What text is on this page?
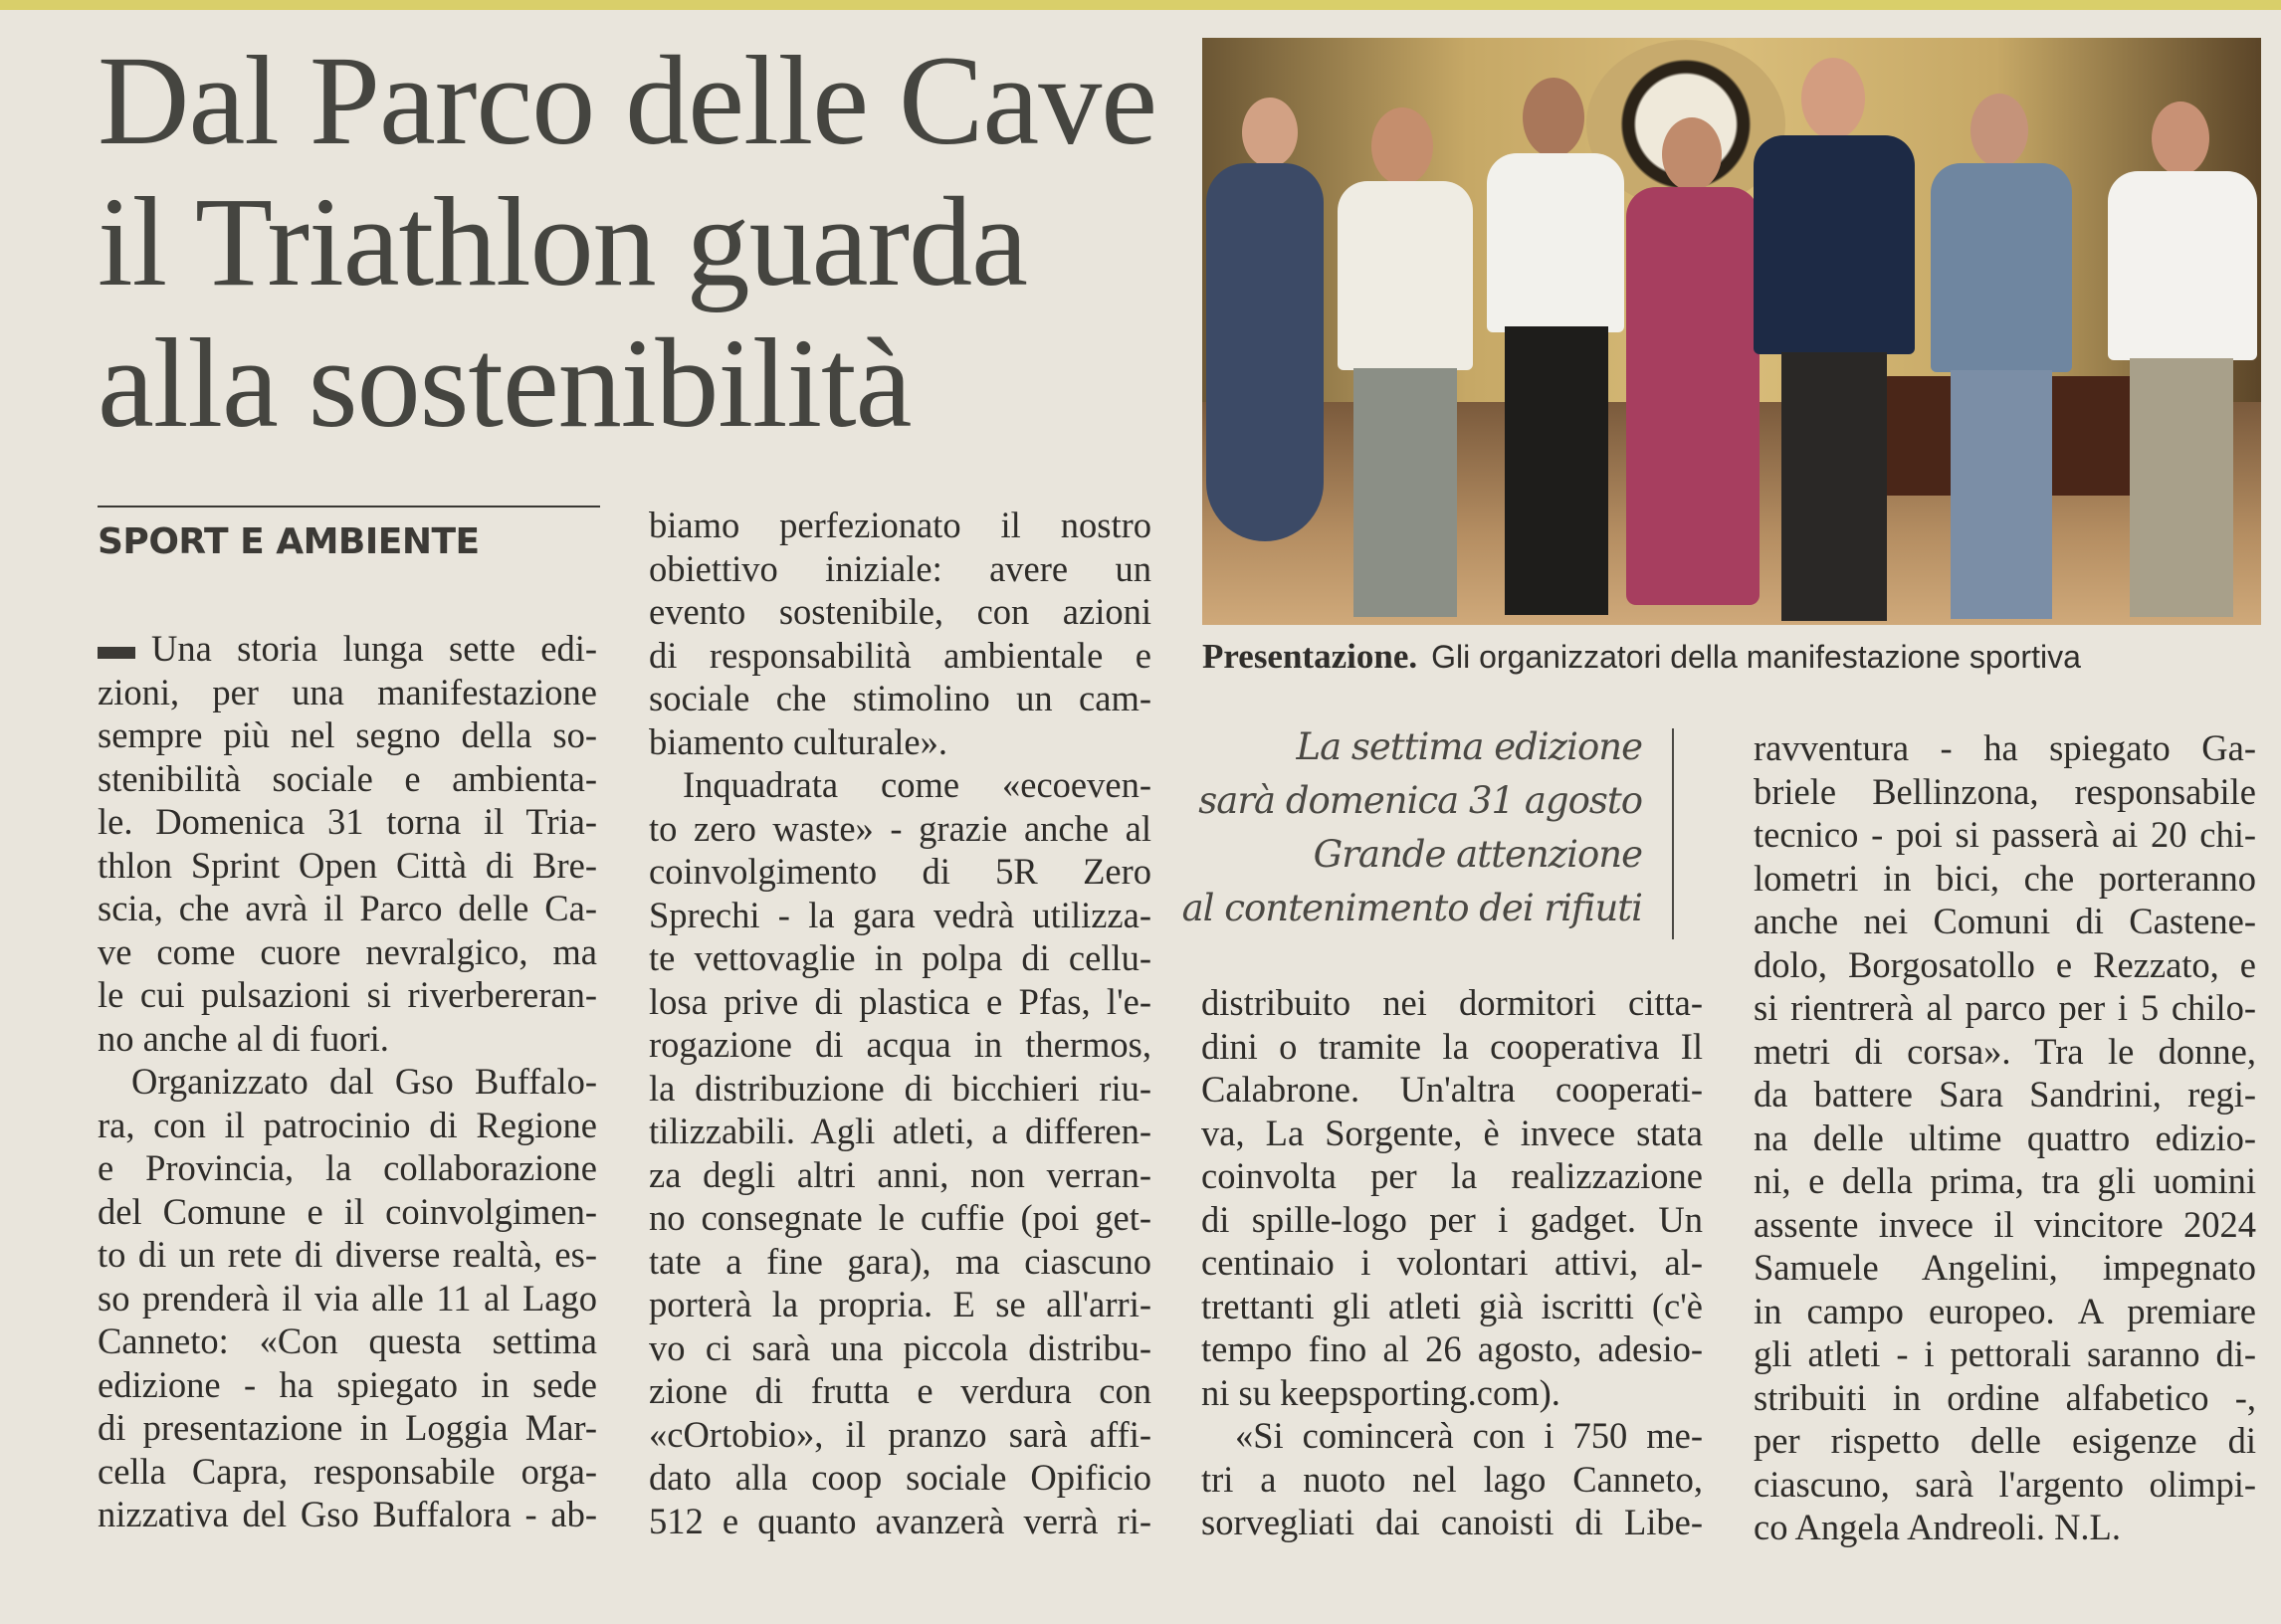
Dal Parco delle Cave
il Triathlon guarda
alla sostenibilità
Presentazione. Gli organizzatori della manifestazione sportiva
SPORT E AMBIENTE
Una storia lunga sette edi-
zioni, per una manifestazione
sempre più nel segno della so-
stenibilità sociale e ambienta-
le. Domenica 31 torna il Tria-
thlon Sprint Open Città di Bre-
scia, che avrà il Parco delle Ca-
ve come cuore nevralgico, ma
le cui pulsazioni si riverbereran-
no anche al di fuori.
Organizzato dal Gso Buffalo-
ra, con il patrocinio di Regione
e Provincia, la collaborazione
del Comune e il coinvolgimen-
to di un rete di diverse realtà, es-
so prenderà il via alle 11 al Lago
Canneto: «Con questa settima
edizione - ha spiegato in sede
di presentazione in Loggia Mar-
cella Capra, responsabile orga-
nizzativa del Gso Buffalora - ab-
biamo perfezionato il nostro
obiettivo iniziale: avere un
evento sostenibile, con azioni
di responsabilità ambientale e
sociale che stimolino un cam-
biamento culturale».
Inquadrata come «ecoeven-
to zero waste» - grazie anche al
coinvolgimento di 5R Zero
Sprechi - la gara vedrà utilizza-
te vettovaglie in polpa di cellu-
losa prive di plastica e Pfas, l'e-
rogazione di acqua in thermos,
la distribuzione di bicchieri riu-
tilizzabili. Agli atleti, a differen-
za degli altri anni, non verran-
no consegnate le cuffie (poi get-
tate a fine gara), ma ciascuno
porterà la propria. E se all'arri-
vo ci sarà una piccola distribu-
zione di frutta e verdura con
«cOrtobio», il pranzo sarà affi-
dato alla coop sociale Opificio
512 e quanto avanzerà verrà ri-
La settima edizione
sarà domenica 31 agosto
Grande attenzione
al contenimento dei rifiuti
distribuito nei dormitori citta-
dini o tramite la cooperativa Il
Calabrone. Un'altra cooperati-
va, La Sorgente, è invece stata
coinvolta per la realizzazione
di spille-logo per i gadget. Un
centinaio i volontari attivi, al-
trettanti gli atleti già iscritti (c'è
tempo fino al 26 agosto, adesio-
ni su keepsporting.com).
«Si comincerà con i 750 me-
tri a nuoto nel lago Canneto,
sorvegliati dai canoisti di Libe-
ravventura - ha spiegato Ga-
briele Bellinzona, responsabile
tecnico - poi si passerà ai 20 chi-
lometri in bici, che porteranno
anche nei Comuni di Castene-
dolo, Borgosatollo e Rezzato, e
si rientrerà al parco per i 5 chilo-
metri di corsa». Tra le donne,
da battere Sara Sandrini, regi-
na delle ultime quattro edizio-
ni, e della prima, tra gli uomini
assente invece il vincitore 2024
Samuele Angelini, impegnato
in campo europeo. A premiare
gli atleti - i pettorali saranno di-
stribuiti in ordine alfabetico -,
per rispetto delle esigenze di
ciascuno, sarà l'argento olimpi-
co Angela Andreoli. N.L.
